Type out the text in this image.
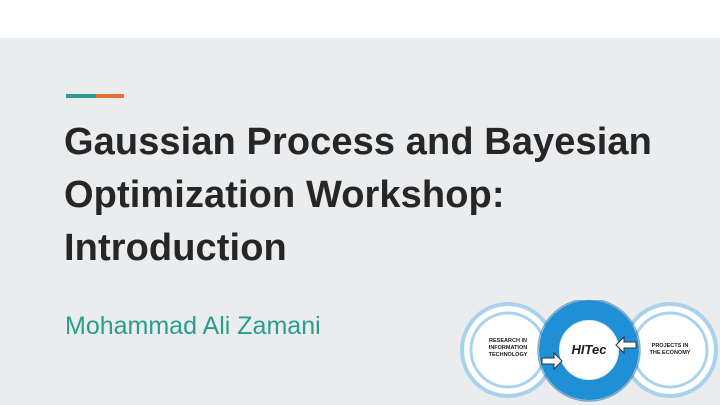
Gaussian Process and Bayesian
Optimization Workshop:
Introduction
Mohammad Ali Zamani
HITec
RESEARCH IN
INFORMATION
TECHNOLOGY
PROJECTS IN
THE ECONOMY
